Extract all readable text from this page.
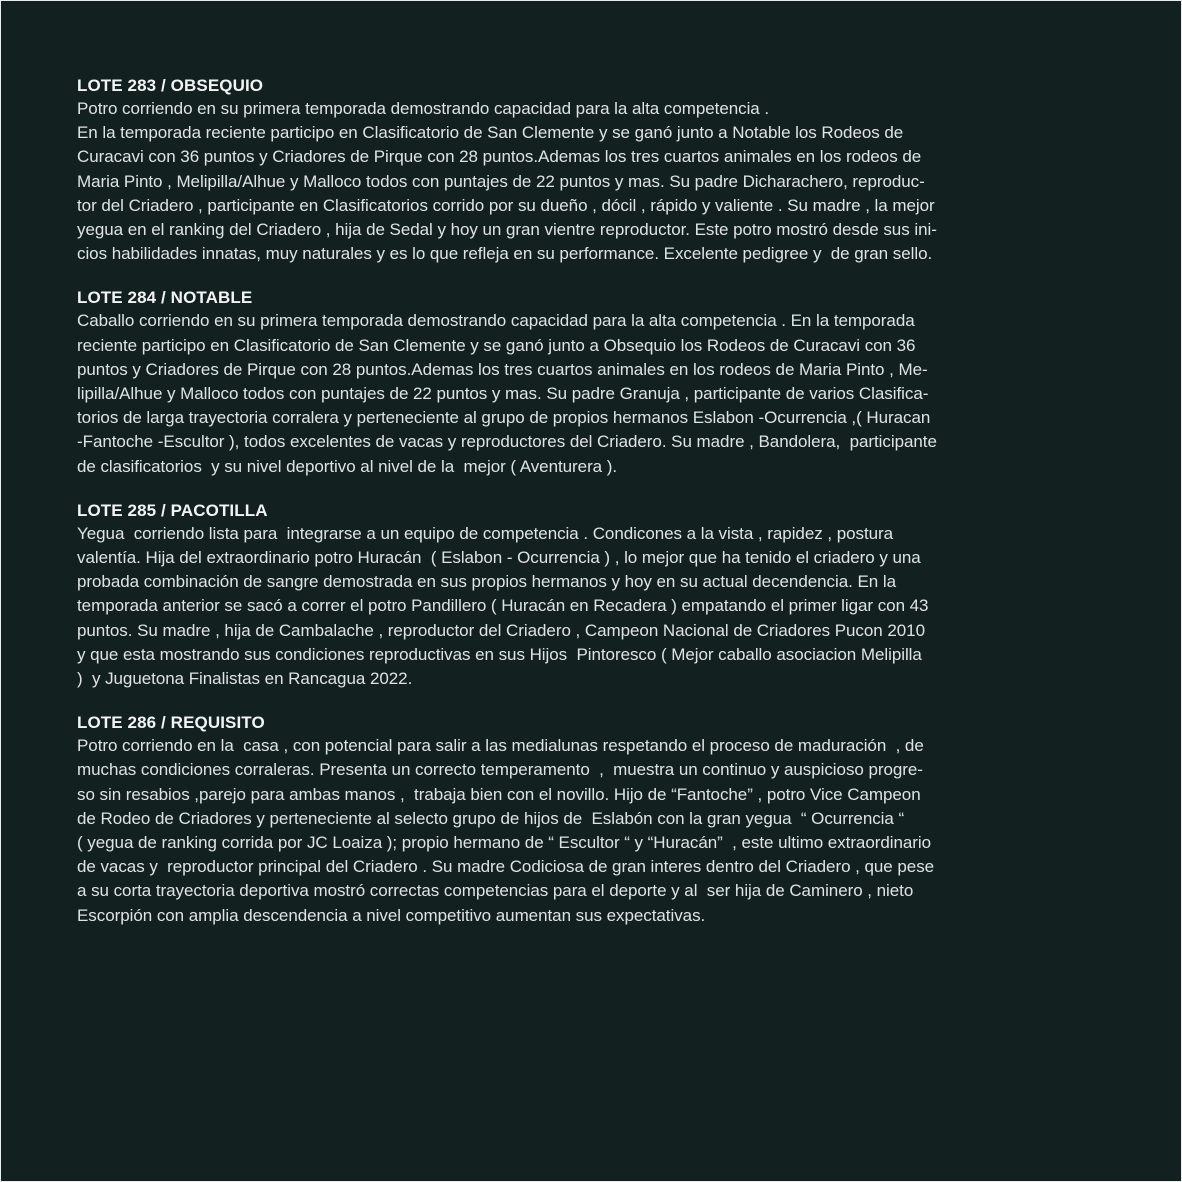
LOTE 283 / OBSEQUIO
Potro corriendo en su primera temporada demostrando capacidad para la alta competencia .
En la temporada reciente participo en Clasificatorio de San Clemente y se ganó junto a Notable los Rodeos de
Curacavi con 36 puntos y Criadores de Pirque con 28 puntos.Ademas los tres cuartos animales en los rodeos de
Maria Pinto , Melipilla/Alhue y Malloco todos con puntajes de 22 puntos y mas. Su padre Dicharachero, reproduc-
tor del Criadero , participante en Clasificatorios corrido por su dueño , dócil , rápido y valiente . Su madre , la mejor
yegua en el ranking del Criadero , hija de Sedal y hoy un gran vientre reproductor. Este potro mostró desde sus ini-
cios habilidades innatas, muy naturales y es lo que refleja en su performance. Excelente pedigree y  de gran sello.
LOTE 284 / NOTABLE
Caballo corriendo en su primera temporada demostrando capacidad para la alta competencia . En la temporada
reciente participo en Clasificatorio de San Clemente y se ganó junto a Obsequio los Rodeos de Curacavi con 36
puntos y Criadores de Pirque con 28 puntos.Ademas los tres cuartos animales en los rodeos de Maria Pinto , Me-
lipilla/Alhue y Malloco todos con puntajes de 22 puntos y mas. Su padre Granuja , participante de varios Clasifica-
torios de larga trayectoria corralera y perteneciente al grupo de propios hermanos Eslabon -Ocurrencia ,( Huracan
-Fantoche -Escultor ), todos excelentes de vacas y reproductores del Criadero. Su madre , Bandolera,  participante
de clasificatorios  y su nivel deportivo al nivel de la  mejor ( Aventurera ).
LOTE 285 / PACOTILLA
Yegua  corriendo lista para  integrarse a un equipo de competencia . Condicones a la vista , rapidez , postura
valentía. Hija del extraordinario potro Huracán  ( Eslabon - Ocurrencia ) , lo mejor que ha tenido el criadero y una
probada combinación de sangre demostrada en sus propios hermanos y hoy en su actual decendencia. En la
temporada anterior se sacó a correr el potro Pandillero ( Huracán en Recadera ) empatando el primer ligar con 43
puntos. Su madre , hija de Cambalache , reproductor del Criadero , Campeon Nacional de Criadores Pucon 2010
y que esta mostrando sus condiciones reproductivas en sus Hijos  Pintoresco ( Mejor caballo asociacion Melipilla
)  y Juguetona Finalistas en Rancagua 2022.
LOTE 286 / REQUISITO
Potro corriendo en la  casa , con potencial para salir a las medialunas respetando el proceso de maduración  , de
muchas condiciones corraleras. Presenta un correcto temperamento  ,  muestra un continuo y auspicioso progre-
so sin resabios ,parejo para ambas manos ,  trabaja bien con el novillo. Hijo de “Fantoche” , potro Vice Campeon
de Rodeo de Criadores y perteneciente al selecto grupo de hijos de  Eslabón con la gran yegua  “ Ocurrencia “
( yegua de ranking corrida por JC Loaiza ); propio hermano de “ Escultor “ y “Huracán”  , este ultimo extraordinario
de vacas y  reproductor principal del Criadero . Su madre Codiciosa de gran interes dentro del Criadero , que pese
a su corta trayectoria deportiva mostró correctas competencias para el deporte y al  ser hija de Caminero , nieto
Escorpión con amplia descendencia a nivel competitivo aumentan sus expectativas.
